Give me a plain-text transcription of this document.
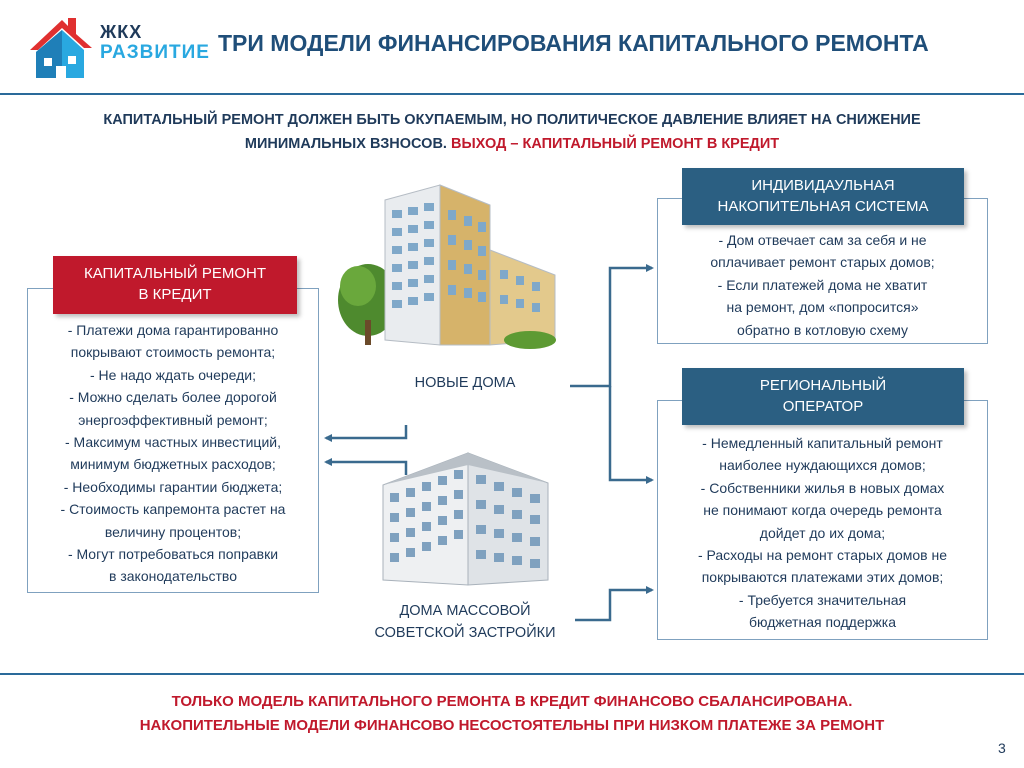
ЖКХ
РАЗВИТИЕ ТРИ МОДЕЛИ ФИНАНСИРОВАНИЯ КАПИТАЛЬНОГО РЕМОНТА
КАПИТАЛЬНЫЙ РЕМОНТ ДОЛЖЕН БЫТЬ ОКУПАЕМЫМ, НО ПОЛИТИЧЕСКОЕ ДАВЛЕНИЕ ВЛИЯЕТ НА СНИЖЕНИЕ
МИНИМАЛЬНЫХ ВЗНОСОВ. ВЫХОД – КАПИТАЛЬНЫЙ РЕМОНТ В КРЕДИТ
- Платежи дома гарантированно
покрывают стоимость ремонта;
- Не надо ждать очереди;
- Можно сделать более дорогой
энергоэффективный ремонт;
- Максимум частных инвестиций,
минимум бюджетных расходов;
- Необходимы гарантии бюджета;
- Стоимость капремонта растет на
величину процентов;
- Могут потребоваться поправки
в законодательство
КАПИТАЛЬНЫЙ РЕМОНТ
В КРЕДИТ
- Дом отвечает сам за себя и не
оплачивает ремонт старых домов;
- Если платежей дома не хватит
на ремонт, дом «попросится»
обратно в котловую схему
ИНДИВИДАУЛЬНАЯ
НАКОПИТЕЛЬНАЯ СИСТЕМА
- Немедленный капитальный ремонт
наиболее нуждающихся домов;
- Собственники жилья в новых домах
не понимают когда очередь ремонта
дойдет до их дома;
- Расходы на ремонт старых домов не
покрываются платежами этих домов;
- Требуется значительная
бюджетная поддержка
РЕГИОНАЛЬНЫЙ
ОПЕРАТОР
НОВЫЕ ДОМА
ДОМА МАССОВОЙ
СОВЕТСКОЙ ЗАСТРОЙКИ
ТОЛЬКО МОДЕЛЬ КАПИТАЛЬНОГО РЕМОНТА В КРЕДИТ ФИНАНСОВО СБАЛАНСИРОВАНА.
НАКОПИТЕЛЬНЫЕ МОДЕЛИ ФИНАНСОВО НЕСОСТОЯТЕЛЬНЫ ПРИ НИЗКОМ ПЛАТЕЖЕ ЗА РЕМОНТ
3
